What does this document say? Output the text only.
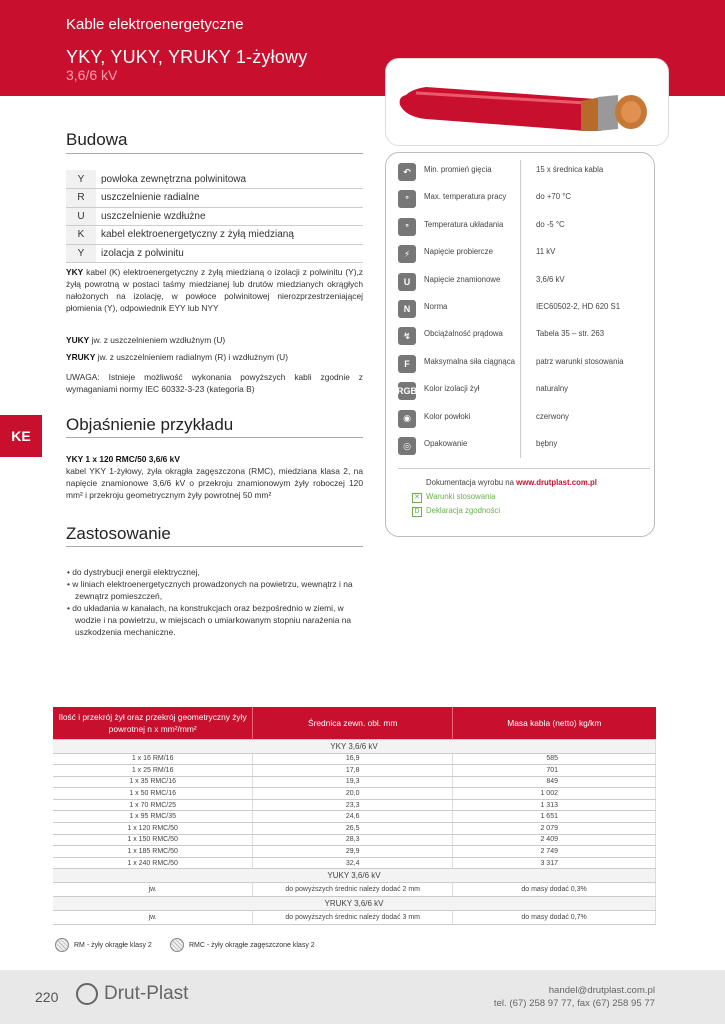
Kable elektroenergetyczne
YKY, YUKY, YRUKY 1-żyłowy
3,6/6 kV
Budowa
Y	powłoka zewnętrzna polwinitowa
R	uszczelnienie radialne
U	uszczelnienie wzdłużne
K	kabel elektroenergetyczny z żyłą miedzianą
Y	izolacja z polwinitu
YKY kabel (K) elektroenergetyczny z żyłą miedzianą o izolacji z polwinitu (Y),z żyłą powrotną w postaci taśmy miedzianej lub drutów miedzianych okrągłych nałożonych na izolację, w powłoce polwinitowej nierozprzestrzeniającej płomienia (Y), odpowiednik EYY lub NYY
YUKY jw. z uszczelnieniem wzdłużnym (U)
YRUKY jw. z uszczelnieniem radialnym (R) i wzdłużnym (U)
UWAGA: Istnieje możliwość wykonania powyższych kabli zgodnie z wymaganiami normy IEC 60332-3-23 (kategoria B)
KE
Objaśnienie przykładu
YKY 1 x 120 RMC/50 3,6/6 kV
kabel YKY 1-żyłowy, żyła okrągła zagęszczona (RMC), miedziana klasa 2, na napięcie znamionowe 3,6/6 kV o przekroju znamionowym żyły roboczej 120 mm² i przekroju geometrycznym żyły powrotnej 50 mm²
Zastosowanie
• do dystrybucji energii elektrycznej,
• w liniach elektroenergetycznych prowadzonych na powietrzu, wewnątrz i na zewnątrz pomieszczeń,
• do układania w kanałach, na konstrukcjach oraz bezpośrednio w ziemi, w wodzie i na powietrzu, w miejscach o umiarkowanym stopniu narażenia na uszkodzenia mechaniczne.
↶	Min. promień gięcia	15 x średnica kabla
°	Max. temperatura pracy	do +70 °C
°	Temperatura układania	do -5 °C
⚡	Napięcie probiercze	11 kV
U	Napięcie znamionowe	3,6/6 kV
N	Norma	IEC60502-2, HD 620 S1
↯	Obciążalność prądowa	Tabela 35 – str. 263
F	Maksymalna siła ciągnąca	patrz warunki stosowania
RGB Kolor izolacji żył	naturalny
◉	Kolor powłoki	czerwony
◎	Opakowanie	bębny
Dokumentacja wyrobu na www.drutplast.com.pl
✕ Warunki stosowania
D Deklaracja zgodności
Ilość i przekrój żył oraz przekrój geometryczny żyły powrotnej n x mm²/mm²	Średnica zewn. obl. mm	Masa kabla (netto) kg/km
YKY 3,6/6 kV		
1 x 16 RM/16	16,9	585
1 x 25 RM/16	17,8	701
1 x 35 RMC/16	19,3	849
1 x 50 RMC/16	20,0	1 002
1 x 70 RMC/25	23,3	1 313
1 x 95 RMC/35	24,6	1 651
1 x 120 RMC/50	26,5	2 079
1 x 150 RMC/50	28,3	2 409
1 x 185 RMC/50	29,9	2 749
1 x 240 RMC/50	32,4	3 317
YUKY 3,6/6 kV		
jw.	do powyższych średnic należy dodać 2 mm	do masy dodać 0,3%
YRUKY 3,6/6 kV		
jw.	do powyższych średnic należy dodać 3 mm	do masy dodać 0,7%
RM - żyły okrągłe klasy 2	RMC - żyły okrągłe zagęszczone klasy 2
220 Drut-Plast	handel@drutplast.com.pl
tel. (67) 258 97 77, fax (67) 258 95 77
